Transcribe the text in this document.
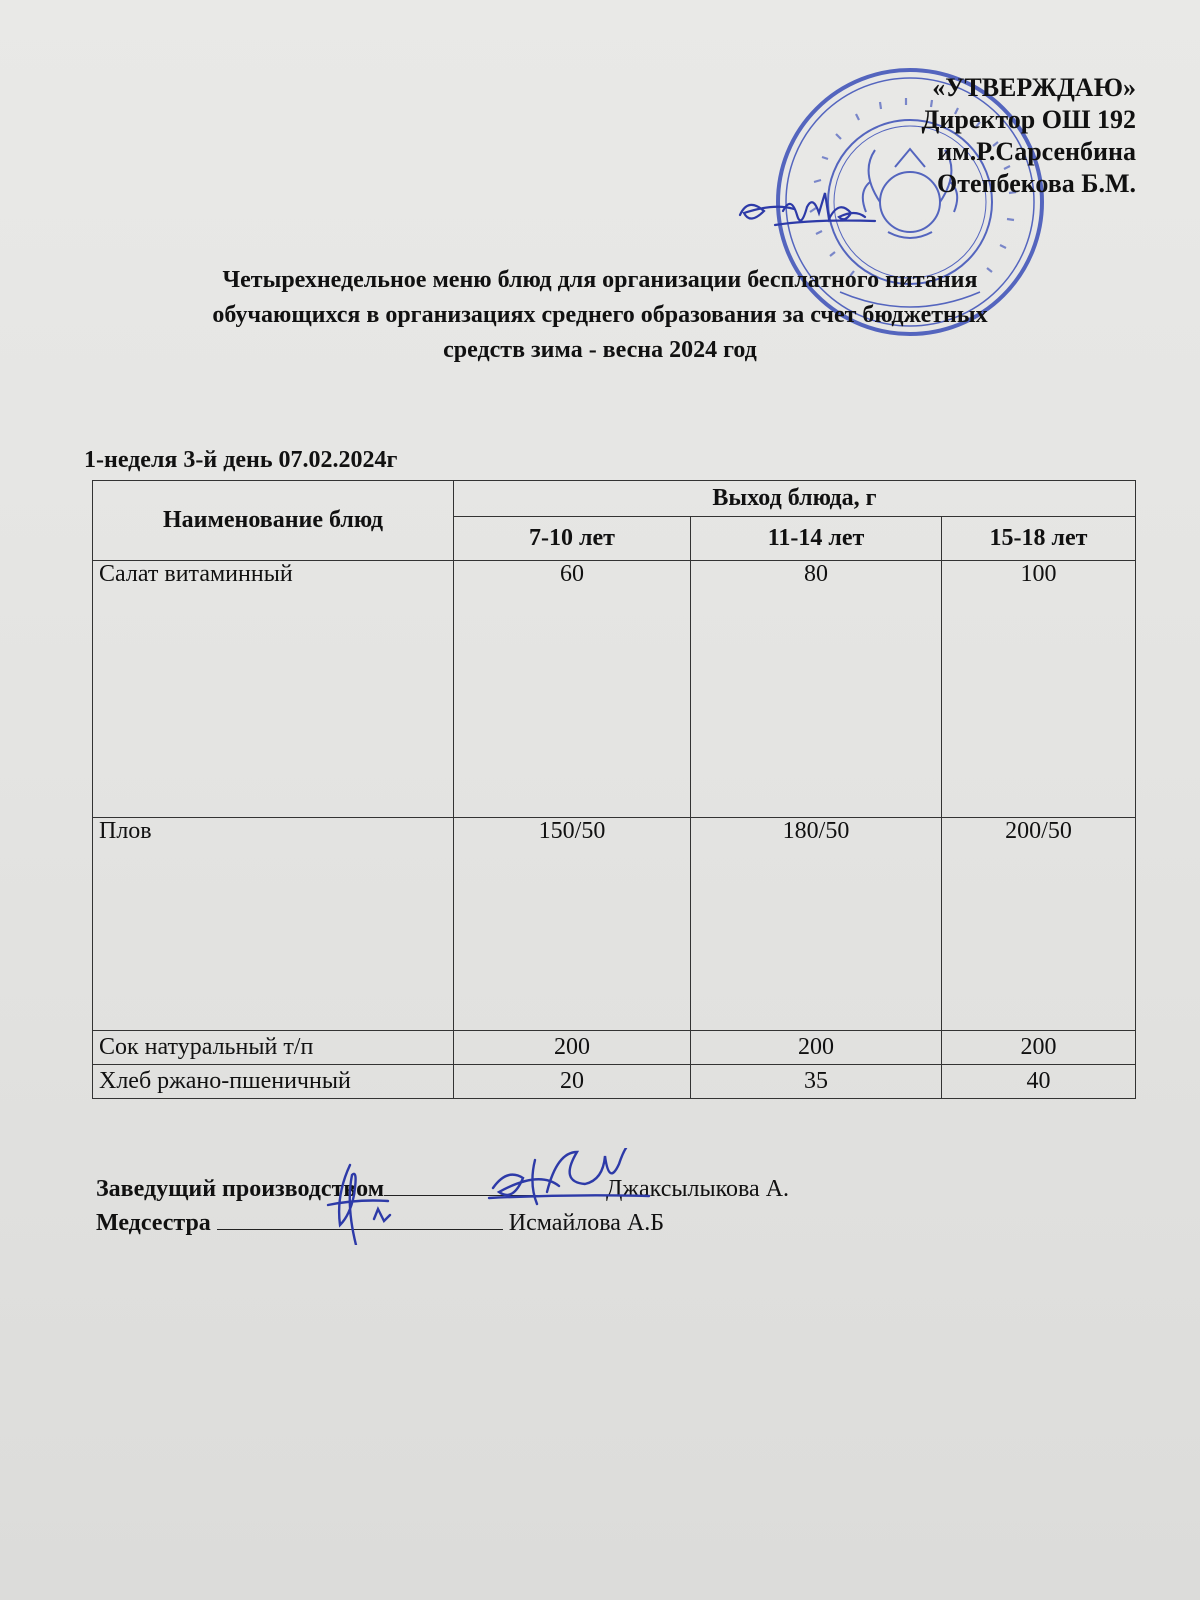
«УТВЕРЖДАЮ»
Директор ОШ 192
им.Р.Сарсенбина
Отепбекова Б.М.
Четырехнедельное меню блюд для организации бесплатного питания
обучающихся в организациях среднего образования за счет бюджетных
средств зима - весна 2024 год
1-неделя 3-й день 07.02.2024г
Наименование блюд	Выход блюда, г		
	7-10 лет	11-14 лет	15-18 лет
Салат витаминный	60	80	100
Плов	150/50	180/50	200/50
Сок натуральный т/п	200	200	200
Хлеб ржано-пшеничный	20	35	40
Заведущий производством	Джаксылыкова А.
Медсестра	Исмайлова А.Б
